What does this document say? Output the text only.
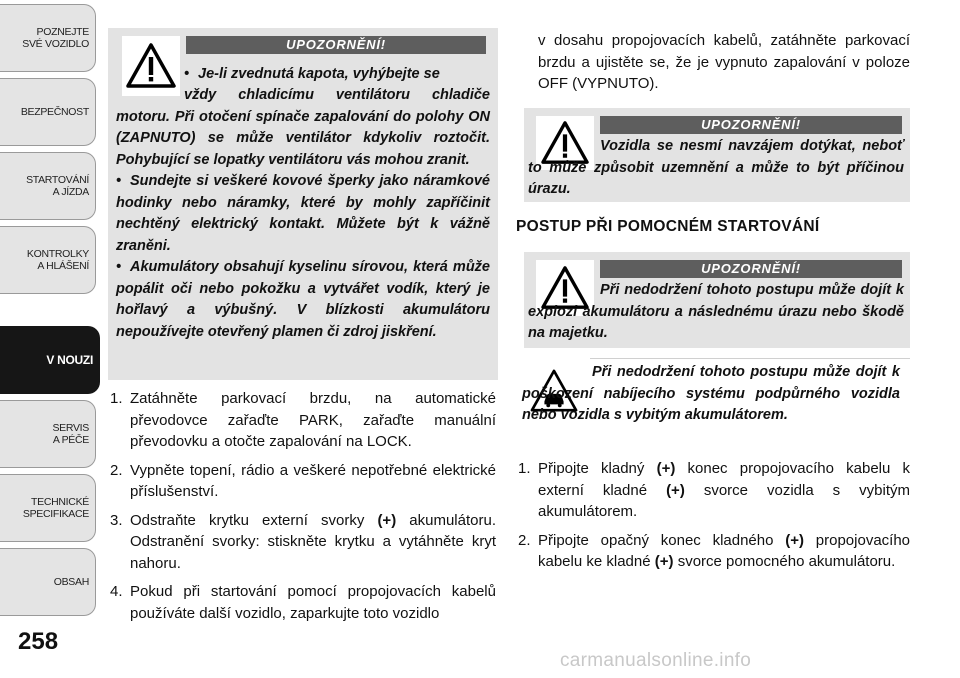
POZNEJTE
SVÉ VOZIDLO
BEZPEČNOST
STARTOVÁNÍ
A JÍZDA
KONTROLKY
A HLÁŠENÍ
V NOUZI
SERVIS
A PÉČE
TECHNICKÉ
SPECIFIKACE
OBSAH
258
carmanualsonline.info
UPOZORNĚNÍ!
• Je-li zvednutá kapota, vyhýbejte se

vždy chladicímu ventilátoru chladiče motoru. Při otočení spínače zapalování do polohy ON (ZAPNUTO) se může ventilátor kdykoliv roztočit. Pohybující se lopatky ventilátoru vás mohou zranit.

• Sundejte si veškeré kovové šperky jako náramkové hodinky nebo náramky, které by mohly zapříčinit nechtěný elektrický kontakt. Můžete být k vážně zraněni.

• Akumulátory obsahují kyselinu sírovou, která může popálit oči nebo pokožku a vytvářet vodík, který je hořlavý a výbušný. V blízkosti akumulátoru nepoužívejte otevřený plamen či zdroj jiskření.

1. Zatáhněte parkovací brzdu, na automatické převodovce zařaďte PARK, zařaďte manuální převodovku a otočte zapalování na LOCK.

2. Vypněte topení, rádio a veškeré nepotřebné elektrické příslušenství.

3. Odstraňte krytku externí svorky (+) akumulátoru. Odstranění svorky: stiskněte krytku a vytáhněte kryt nahoru.

4. Pokud při startování pomocí propojovacích kabelů používáte další vozidlo, zaparkujte toto vozidlo

v dosahu propojovacích kabelů, zatáhněte parkovací brzdu a ujistěte se, že je vypnuto zapalování v poloze OFF (VYPNUTO).
UPOZORNĚNÍ!

Vozidla se nesmí navzájem dotýkat, neboť to může způsobit uzemnění a může to být příčinou úrazu.

POSTUP PŘI POMOCNÉM STARTOVÁNÍ
UPOZORNĚNÍ!

Při nedodržení tohoto postupu může dojít k explozi akumulátoru a následnému úrazu nebo škodě na majetku.

Při nedodržení tohoto postupu může dojít k poškození nabíjecího systému podpůrného vozidla nebo vozidla s vybitým akumulátorem.

1. Připojte kladný (+) konec propojovacího kabelu k externí kladné (+) svorce vozidla s vybitým akumulátorem.

2. Připojte opačný konec kladného (+) propojovacího kabelu ke kladné (+) svorce pomocného akumulátoru.
